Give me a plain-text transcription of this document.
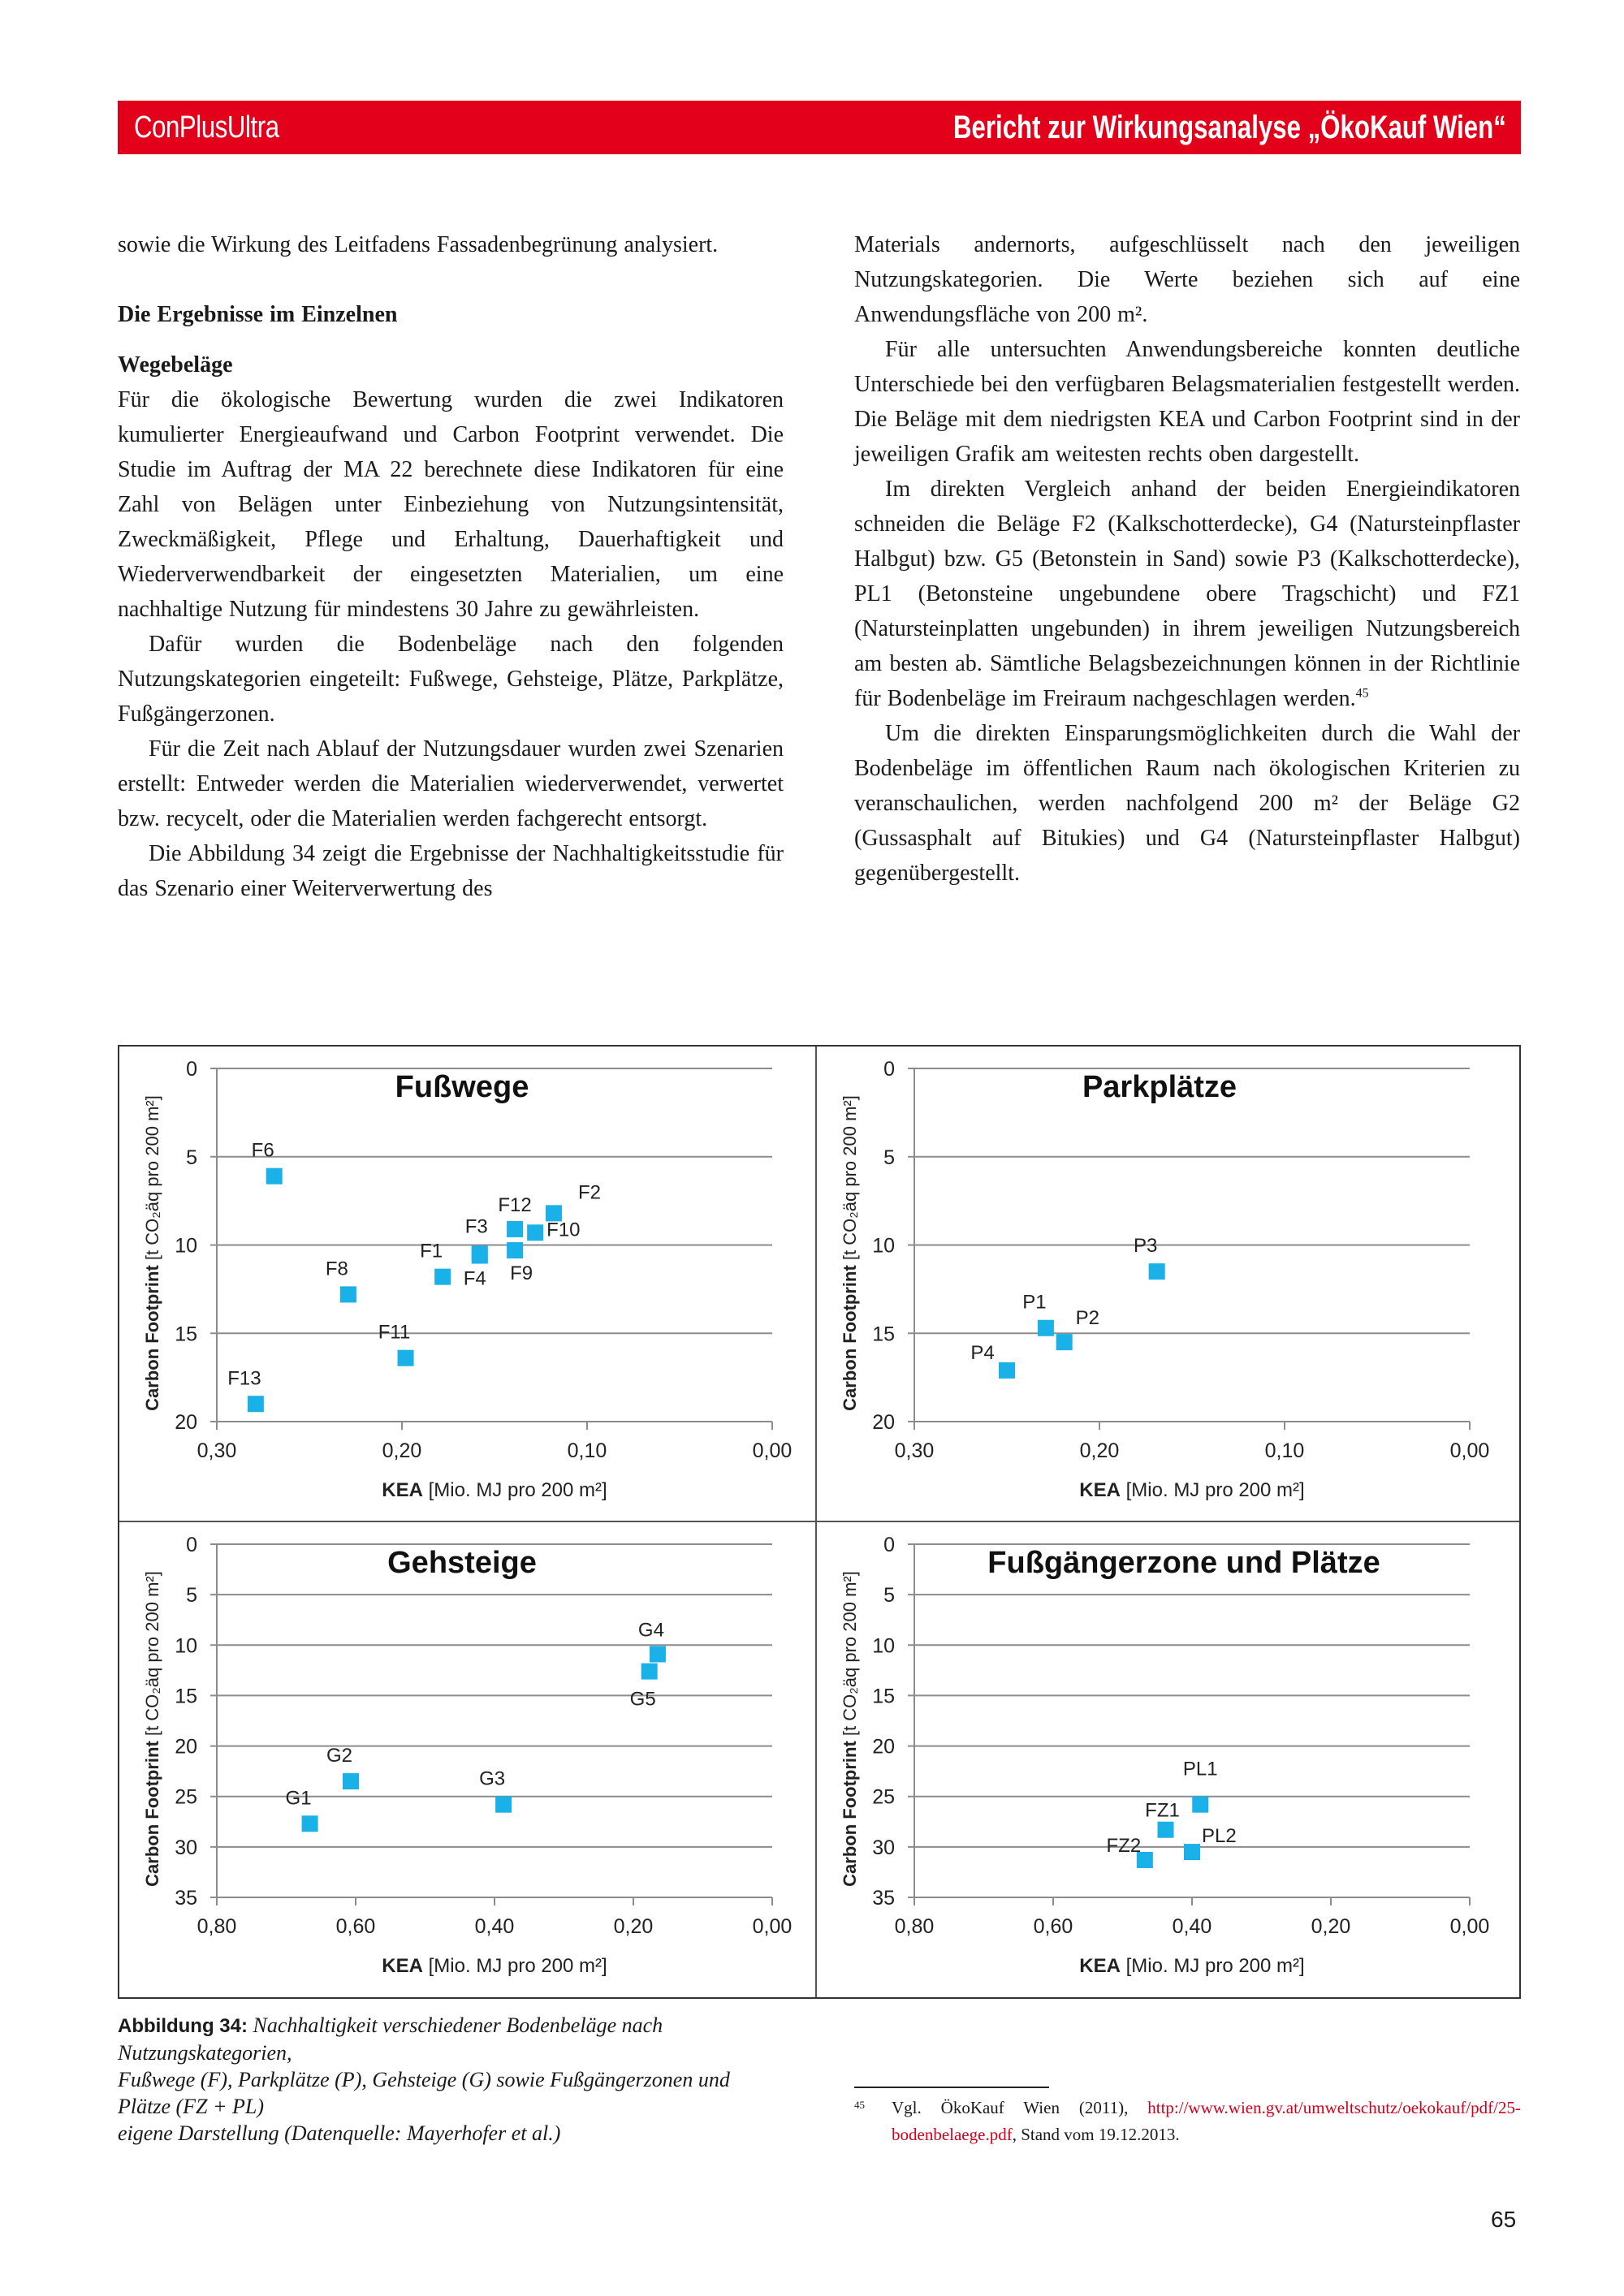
ConPlusUltra	Bericht zur Wirkungsanalyse „ÖkoKauf Wien“

sowie die Wirkung des Leitfadens Fassadenbegrünung analysiert.

Die Ergebnisse im Einzelnen
Wegebeläge

Für die ökologische Bewertung wurden die zwei Indikatoren kumulierter Energieaufwand und Carbon Footprint verwendet. Die Studie im Auftrag der MA 22 berechnete diese Indikatoren für eine Zahl von Belägen unter Einbeziehung von Nutzungsintensität, Zweckmäßigkeit, Pflege und Erhaltung, Dauerhaftigkeit und Wiederverwendbarkeit der eingesetzten Materialien, um eine nachhaltige Nutzung für mindestens 30 Jahre zu gewährleisten.

Dafür wurden die Bodenbeläge nach den folgenden Nutzungskategorien eingeteilt: Fußwege, Gehsteige, Plätze, Parkplätze, Fußgängerzonen.

Für die Zeit nach Ablauf der Nutzungsdauer wurden zwei Szenarien erstellt: Entweder werden die Materialien wiederverwendet, verwertet bzw. recycelt, oder die Materialien werden fachgerecht entsorgt.

Die Abbildung 34 zeigt die Ergebnisse der Nachhaltigkeitsstudie für das Szenario einer Weiterverwertung des

Materials andernorts, aufgeschlüsselt nach den jeweiligen Nutzungskategorien. Die Werte beziehen sich auf eine Anwendungsfläche von 200 m².

Für alle untersuchten Anwendungsbereiche konnten deutliche Unterschiede bei den verfügbaren Belagsmaterialien festgestellt werden. Die Beläge mit dem niedrigsten KEA und Carbon Footprint sind in der jeweiligen Grafik am weitesten rechts oben dargestellt.

Im direkten Vergleich anhand der beiden Energieindikatoren schneiden die Beläge F2 (Kalkschotterdecke), G4 (Natursteinpflaster Halbgut) bzw. G5 (Betonstein in Sand) sowie P3 (Kalkschotterdecke), PL1 (Betonsteine ungebundene obere Tragschicht) und FZ1 (Natursteinplatten ungebunden) in ihrem jeweiligen Nutzungsbereich am besten ab. Sämtliche Belagsbezeichnungen können in der Richtlinie für Bodenbeläge im Freiraum nachgeschlagen werden.$^{45}$

Um die direkten Einsparungsmöglichkeiten durch die Wahl der Bodenbeläge im öffentlichen Raum nach ökologischen Kriterien zu veranschaulichen, werden nachfolgend 200 m² der Beläge G2 (Gussasphalt auf Bitukies) und G4 (Natursteinpflaster Halbgut) gegenübergestellt.

0
5
10
15
20
0,30	0,20	0,10	0,00
Fußwege
KEA [Mio. MJ pro 200 m²]
Carbon Footprint [t CO₂äq pro 200 m²]	F6
F2
F12
F10
F3
F4 F9
F1
F8
F11
F13
0
5
10
15
20
0,30	0,20	0,10	0,00
Parkplätze
KEA [Mio. MJ pro 200 m²]
Carbon Footprint [t CO₂äq pro 200 m²]	P3
P1
P2
P4
0
5
10
15
20
25
30
35
0,80	0,60	0,40	0,20	0,00
Gehsteige
KEA [Mio. MJ pro 200 m²]
Carbon Footprint [t CO₂äq pro 200 m²]	G4
G5
G2
G3
G1
0
5
10
15
20
25
30
35
0,80	0,60	0,40	0,20	0,00
Fußgängerzone und Plätze
KEA [Mio. MJ pro 200 m²]
Carbon Footprint [t CO₂äq pro 200 m²]
PL1
FZ1
PL2
FZ2
Abbildung 34: Nachhaltigkeit verschiedener Bodenbeläge nach Nutzungskategorien,
Fußwege (F), Parkplätze (P), Gehsteige (G) sowie Fußgängerzonen und Plätze (FZ + PL)
eigene Darstellung (Datenquelle: Mayerhofer et al.)
45 Vgl. ÖkoKauf Wien (2011), http://www.wien.gv.at/umweltschutz/oekokauf/pdf/25-bodenbelaege.pdf, Stand vom 19.12.2013.
65
